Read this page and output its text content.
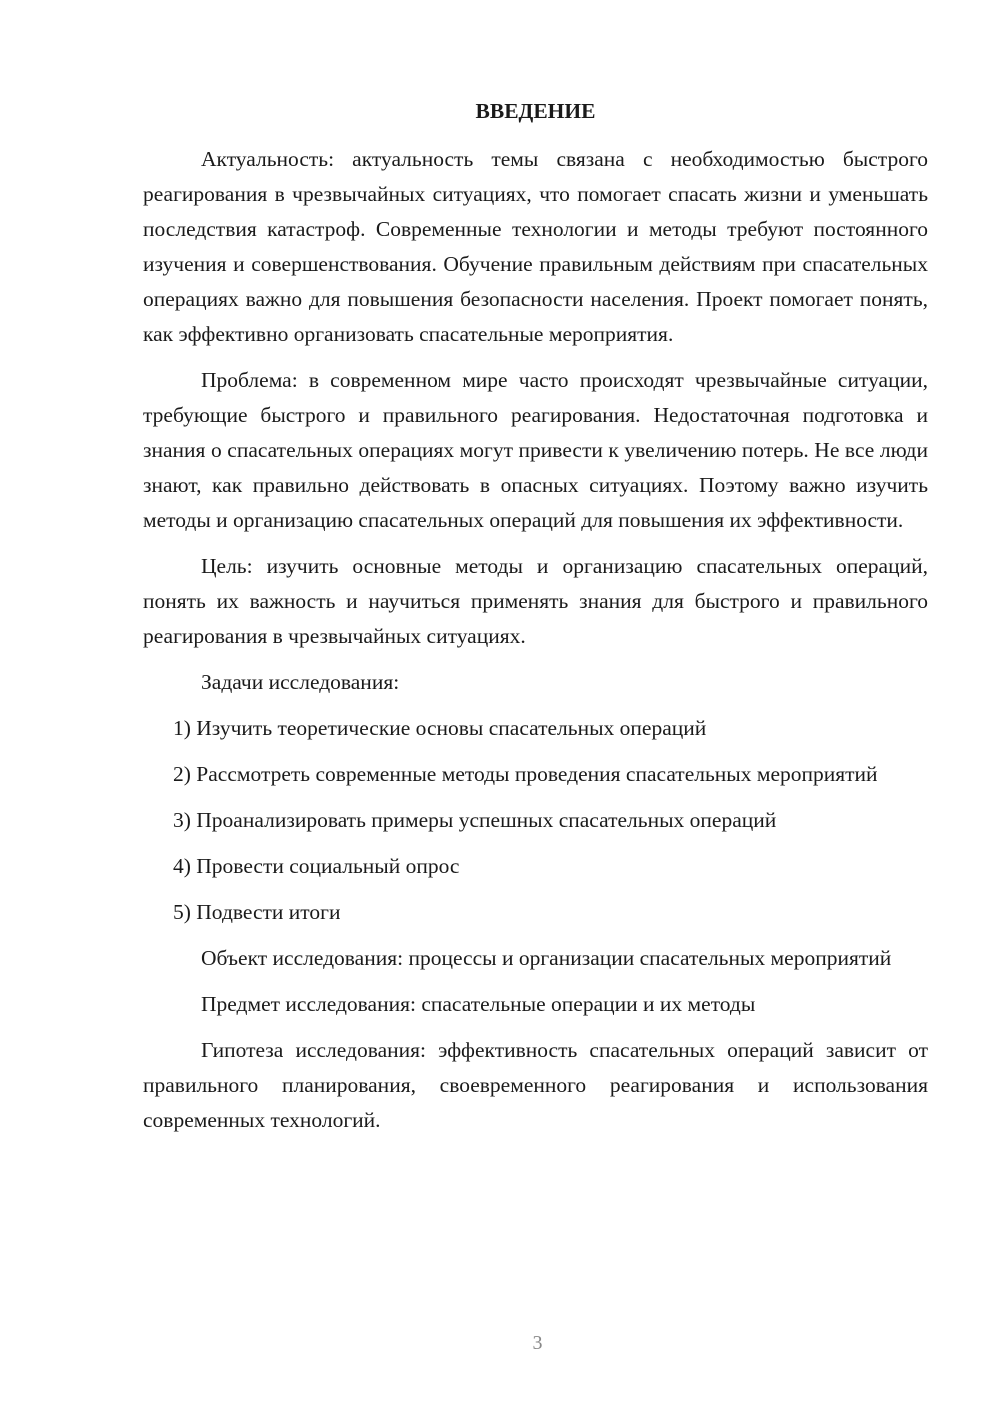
ВВЕДЕНИЕ

Актуальность: актуальность темы связана с необходимостью быстрого реагирования в чрезвычайных ситуациях, что помогает спасать жизни и уменьшать последствия катастроф. Современные технологии и методы требуют постоянного изучения и совершенствования. Обучение правильным действиям при спасательных операциях важно для повышения безопасности населения. Проект помогает понять, как эффективно организовать спасательные мероприятия.

Проблема: в современном мире часто происходят чрезвычайные ситуации, требующие быстрого и правильного реагирования. Недостаточная подготовка и знания о спасательных операциях могут привести к увеличению потерь. Не все люди знают, как правильно действовать в опасных ситуациях. Поэтому важно изучить методы и организацию спасательных операций для повышения их эффективности.

Цель: изучить основные методы и организацию спасательных операций, понять их важность и научиться применять знания для быстрого и правильного реагирования в чрезвычайных ситуациях.

Задачи исследования:

1) Изучить теоретические основы спасательных операций

2) Рассмотреть современные методы проведения спасательных мероприятий

3) Проанализировать примеры успешных спасательных операций

4) Провести социальный опрос

5) Подвести итоги

Объект исследования: процессы и организации спасательных мероприятий

Предмет исследования: спасательные операции и их методы

Гипотеза исследования: эффективность спасательных операций зависит от правильного планирования, своевременного реагирования и использования современных технологий.

3
